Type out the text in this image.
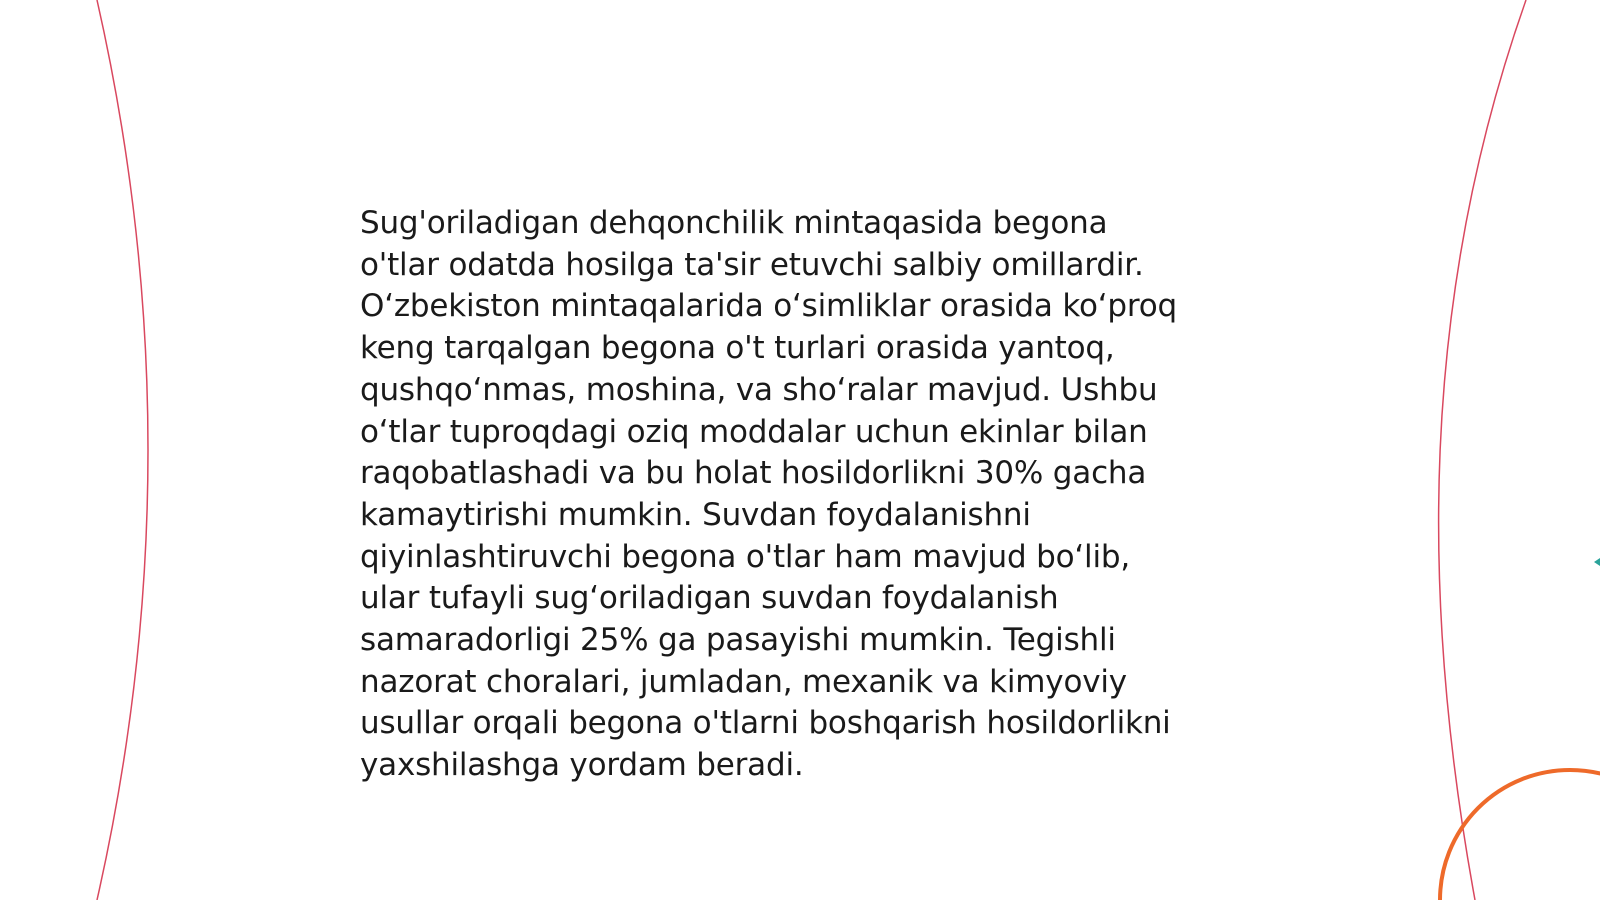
Sug'oriladigan dehqonchilik mintaqasida begona
o'tlar odatda hosilga ta'sir etuvchi salbiy omillardir.
Oʻzbekiston mintaqalarida oʻsimliklar orasida koʻproq
keng tarqalgan begona o't turlari orasida yantoq,
qushqoʻnmas, moshina, va shoʻralar mavjud. Ushbu
oʻtlar tuproqdagi oziq moddalar uchun ekinlar bilan
raqobatlashadi va bu holat hosildorlikni 30% gacha
kamaytirishi mumkin. Suvdan foydalanishni
qiyinlashtiruvchi begona o'tlar ham mavjud boʻlib,
ular tufayli sugʻoriladigan suvdan foydalanish
samaradorligi 25% ga pasayishi mumkin. Tegishli
nazorat choralari, jumladan, mexanik va kimyoviy
usullar orqali begona o'tlarni boshqarish hosildorlikni
yaxshilashga yordam beradi.
